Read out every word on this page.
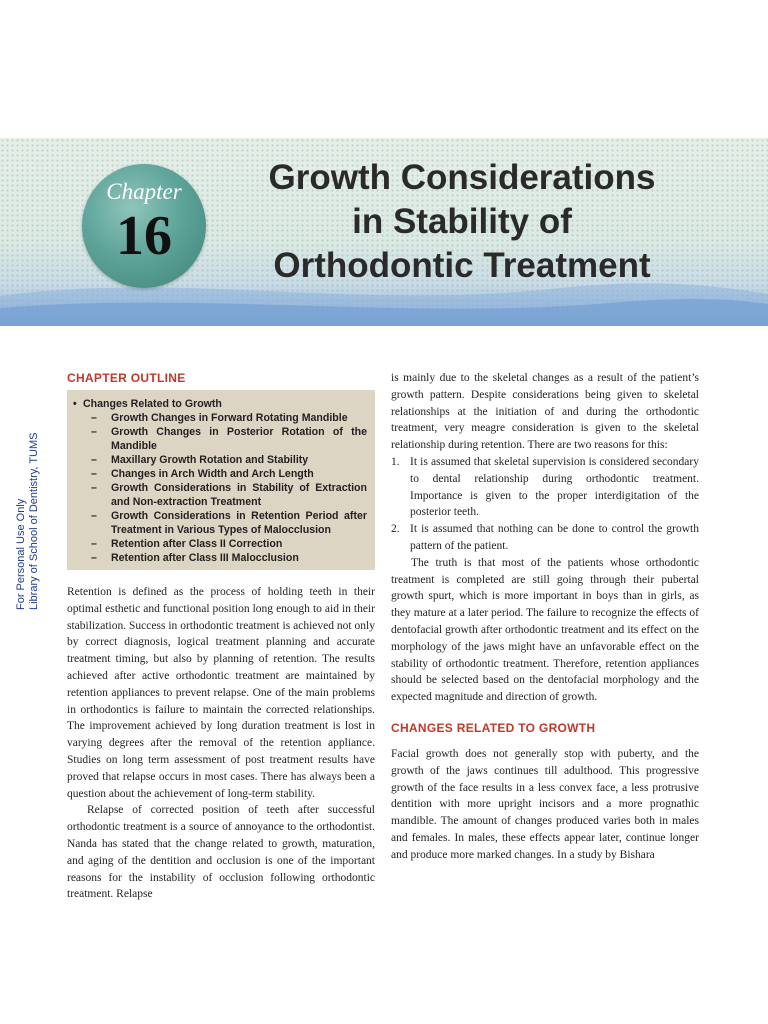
Chapter
16
Growth Considerations
in Stability of
Orthodontic Treatment
For Personal Use Only Library of School of Dentistry, TUMS
CHAPTER OUTLINE
• Changes Related to Growth
– Growth Changes in Forward Rotating Mandible
– Growth Changes in Posterior Rotation of the Mandible
– Maxillary Growth Rotation and Stability
– Changes in Arch Width and Arch Length
– Growth Considerations in Stability of Extraction and Non-extraction Treatment
– Growth Considerations in Retention Period after Treatment in Various Types of Malocclusion
– Retention after Class II Correction
– Retention after Class III Malocclusion

Retention is defined as the process of holding teeth in their optimal esthetic and functional position long enough to aid in their stabilization. Success in orthodontic treatment is achieved not only by correct diagnosis, logical treatment planning and accurate treatment timing, but also by planning of retention. The results achieved after active orthodontic treatment are maintained by retention appliances to prevent relapse. One of the main problems in orthodontics is failure to maintain the corrected relationships. The improvement achieved by long duration treatment is lost in varying degrees after the removal of the retention appliance. Studies on long term assessment of post treatment results have proved that relapse occurs in most cases. There has always been a question about the achievement of long-term stability.

Relapse of corrected position of teeth after successful orthodontic treatment is a source of annoyance to the orthodontist. Nanda has stated that the change related to growth, maturation, and aging of the dentition and occlusion is one of the important reasons for the instability of occlusion following orthodontic treatment. Relapse

is mainly due to the skeletal changes as a result of the patient’s growth pattern. Despite considerations being given to skeletal relationships at the initiation of and during the orthodontic treatment, very meagre consideration is given to the skeletal relationship during retention. There are two reasons for this:

1. It is assumed that skeletal supervision is considered secondary to dental relationship during orthodontic treatment. Importance is given to the proper interdigitation of the posterior teeth.
2. It is assumed that nothing can be done to control the growth pattern of the patient.

The truth is that most of the patients whose orthodontic treatment is completed are still going through their pubertal growth spurt, which is more important in boys than in girls, as they mature at a later period. The failure to recognize the effects of dentofacial growth after orthodontic treatment and its effect on the morphology of the jaws might have an unfavorable effect on the stability of orthodontic treatment. Therefore, retention appliances should be selected based on the dentofacial morphology and the expected magnitude and direction of growth.

CHANGES RELATED TO GROWTH

Facial growth does not generally stop with puberty, and the growth of the jaws continues till adulthood. This progressive growth of the face results in a less convex face, a less protrusive dentition with more upright incisors and a more prognathic mandible. The amount of changes produced varies both in males and females. In males, these effects appear later, continue longer and produce more marked changes. In a study by Bishara
